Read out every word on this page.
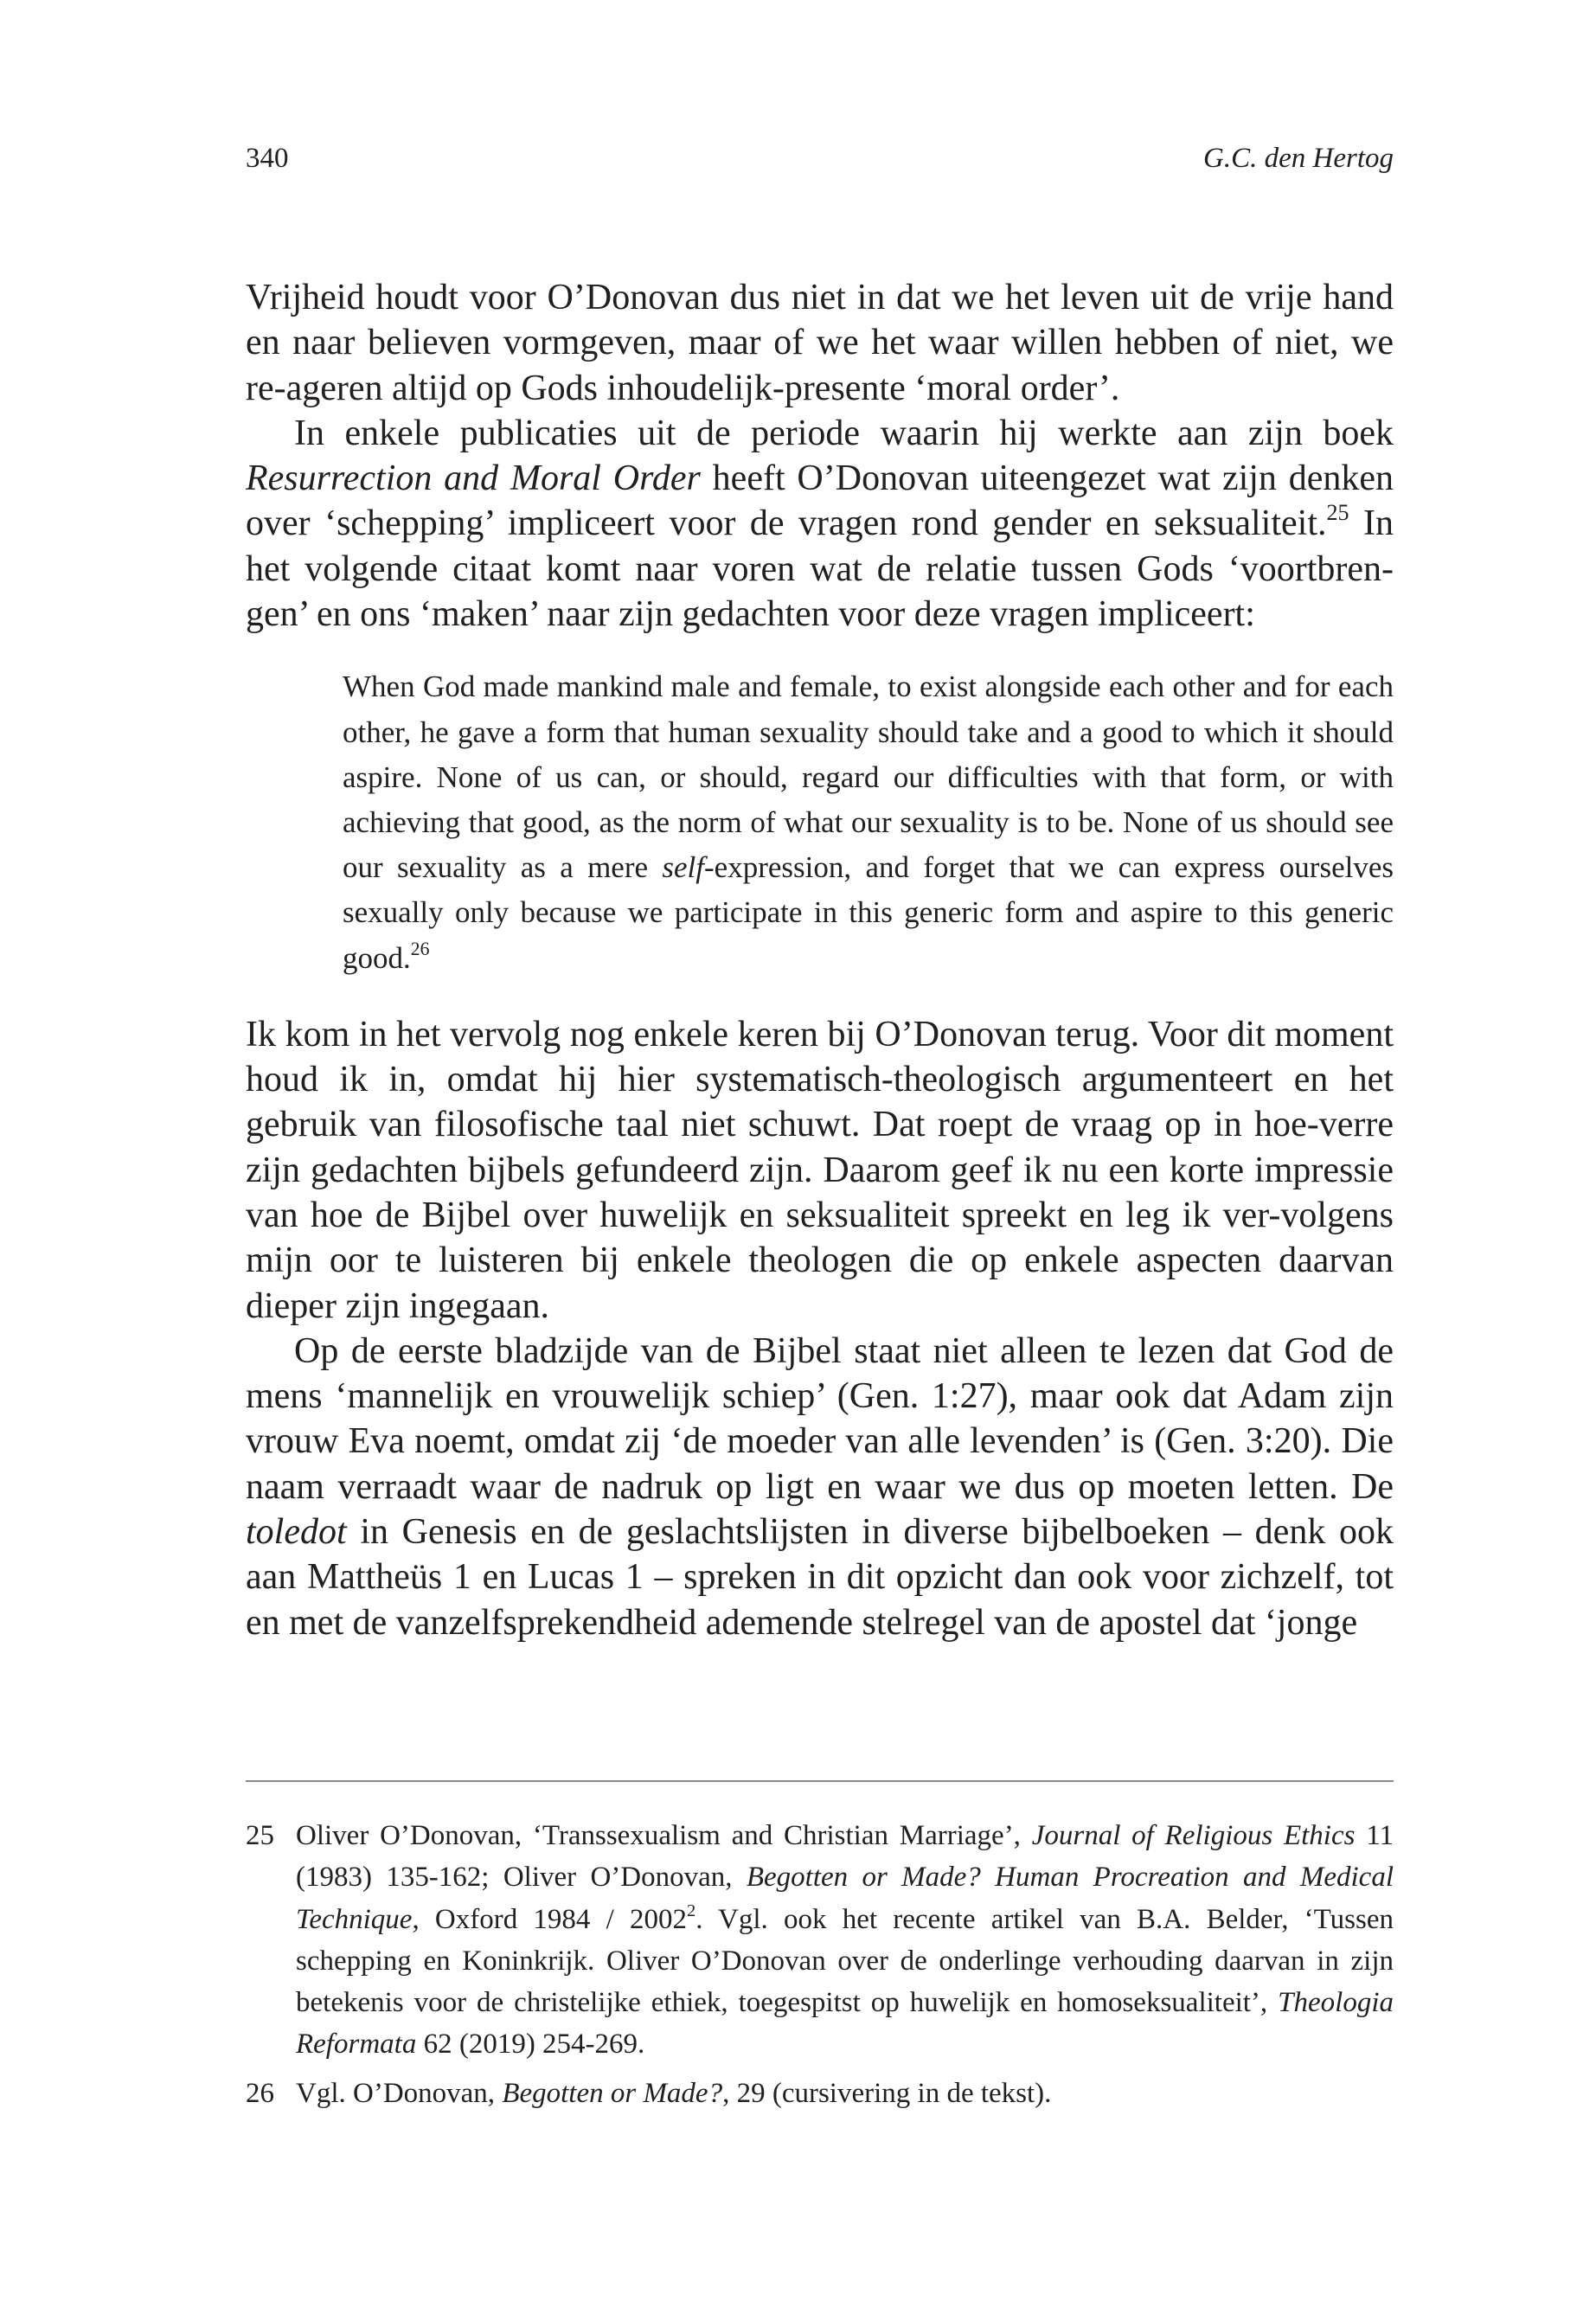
340	G.C. den Hertog

Vrijheid houdt voor O’Donovan dus niet in dat we het leven uit de vrije hand en naar believen vormgeven, maar of we het waar willen hebben of niet, we re-ageren altijd op Gods inhoudelijk-presente ‘moral order’.

In enkele publicaties uit de periode waarin hij werkte aan zijn boek Resurrection and Moral Order heeft O’Donovan uiteengezet wat zijn denken over ‘schepping’ impliceert voor de vragen rond gender en seksualiteit.$^{25}$ In het volgende citaat komt naar voren wat de relatie tussen Gods ‘voortbren-gen’ en ons ‘maken’ naar zijn gedachten voor deze vragen impliceert:

When God made mankind male and female, to exist alongside each other and for each other, he gave a form that human sexuality should take and a good to which it should aspire. None of us can, or should, regard our difficulties with that form, or with achieving that good, as the norm of what our sexuality is to be. None of us should see our sexuality as a mere self-expression, and forget that we can express ourselves sexually only because we participate in this generic form and aspire to this generic good.$^{26}$

Ik kom in het vervolg nog enkele keren bij O’Donovan terug. Voor dit moment houd ik in, omdat hij hier systematisch-theologisch argumenteert en het gebruik van filosofische taal niet schuwt. Dat roept de vraag op in hoe-verre zijn gedachten bijbels gefundeerd zijn. Daarom geef ik nu een korte impressie van hoe de Bijbel over huwelijk en seksualiteit spreekt en leg ik ver-volgens mijn oor te luisteren bij enkele theologen die op enkele aspecten daarvan dieper zijn ingegaan.

Op de eerste bladzijde van de Bijbel staat niet alleen te lezen dat God de mens ‘mannelijk en vrouwelijk schiep’ (Gen. 1:27), maar ook dat Adam zijn vrouw Eva noemt, omdat zij ‘de moeder van alle levenden’ is (Gen. 3:20). Die naam verraadt waar de nadruk op ligt en waar we dus op moeten letten. De toledot in Genesis en de geslachtslijsten in diverse bijbelboeken – denk ook aan Mattheüs 1 en Lucas 1 – spreken in dit opzicht dan ook voor zichzelf, tot en met de vanzelfsprekendheid ademende stelregel van de apostel dat ‘jonge

25 Oliver O’Donovan, ‘Transsexualism and Christian Marriage’, Journal of Religious Ethics 11 (1983) 135-162; Oliver O’Donovan, Begotten or Made? Human Procreation and Medical Technique, Oxford 1984 / 2002$^2$. Vgl. ook het recente artikel van B.A. Belder, ‘Tussen schepping en Koninkrijk. Oliver O’Donovan over de onderlinge verhouding daarvan in zijn betekenis voor de christelijke ethiek, toegespitst op huwelijk en homoseksualiteit’, Theologia Reformata 62 (2019) 254-269.
26 Vgl. O’Donovan, Begotten or Made?, 29 (cursivering in de tekst).
